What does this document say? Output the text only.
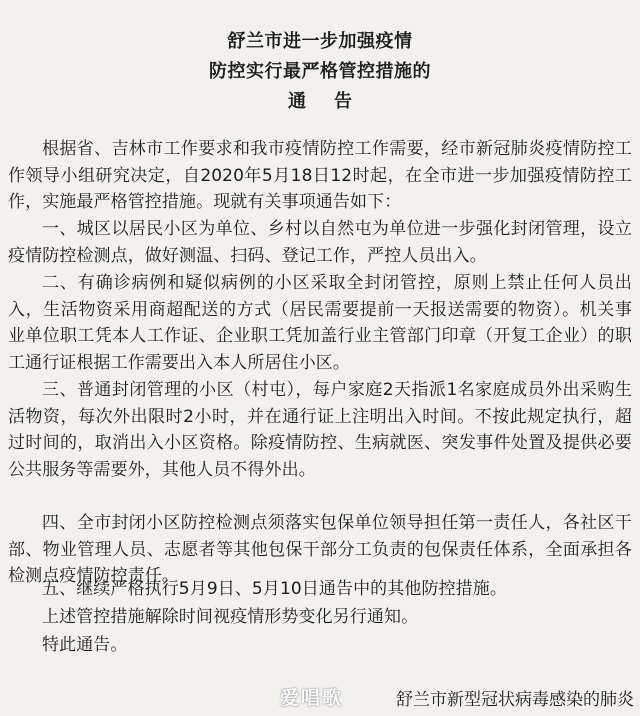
舒兰市进一步加强疫情
防控实行最严格管控措施的
通告
根据省、吉林市工作要求和我市疫情防控工作需要，经市新冠肺炎疫情防控工作领导小组研究决定，自2020年5月18日12时起，在全市进一步加强疫情防控工作，实施最严格管控措施。现就有关事项通告如下：
一、城区以居民小区为单位、乡村以自然屯为单位进一步强化封闭管理，设立疫情防控检测点，做好测温、扫码、登记工作，严控人员出入。
二、有确诊病例和疑似病例的小区采取全封闭管控，原则上禁止任何人员出入，生活物资采用商超配送的方式（居民需要提前一天报送需要的物资）。机关事业单位职工凭本人工作证、企业职工凭加盖行业主管部门印章（开复工企业）的职工通行证根据工作需要出入本人所居住小区。
三、普通封闭管理的小区（村屯），每户家庭2天指派1名家庭成员外出采购生活物资，每次外出限时2小时，并在通行证上注明出入时间。不按此规定执行，超过时间的，取消出入小区资格。除疫情防控、生病就医、突发事件处置及提供必要公共服务等需要外，其他人员不得外出。
四、全市封闭小区防控检测点须落实包保单位领导担任第一责任人，各社区干部、物业管理人员、志愿者等其他包保干部分工负责的包保责任体系，全面承担各检测点疫情防控责任。
五、继续严格执行5月9日、5月10日通告中的其他防控措施。
上述管控措施解除时间视疫情形势变化另行通知。
特此通告。
爱唱歌	舒兰市新型冠状病毒感染的肺炎
